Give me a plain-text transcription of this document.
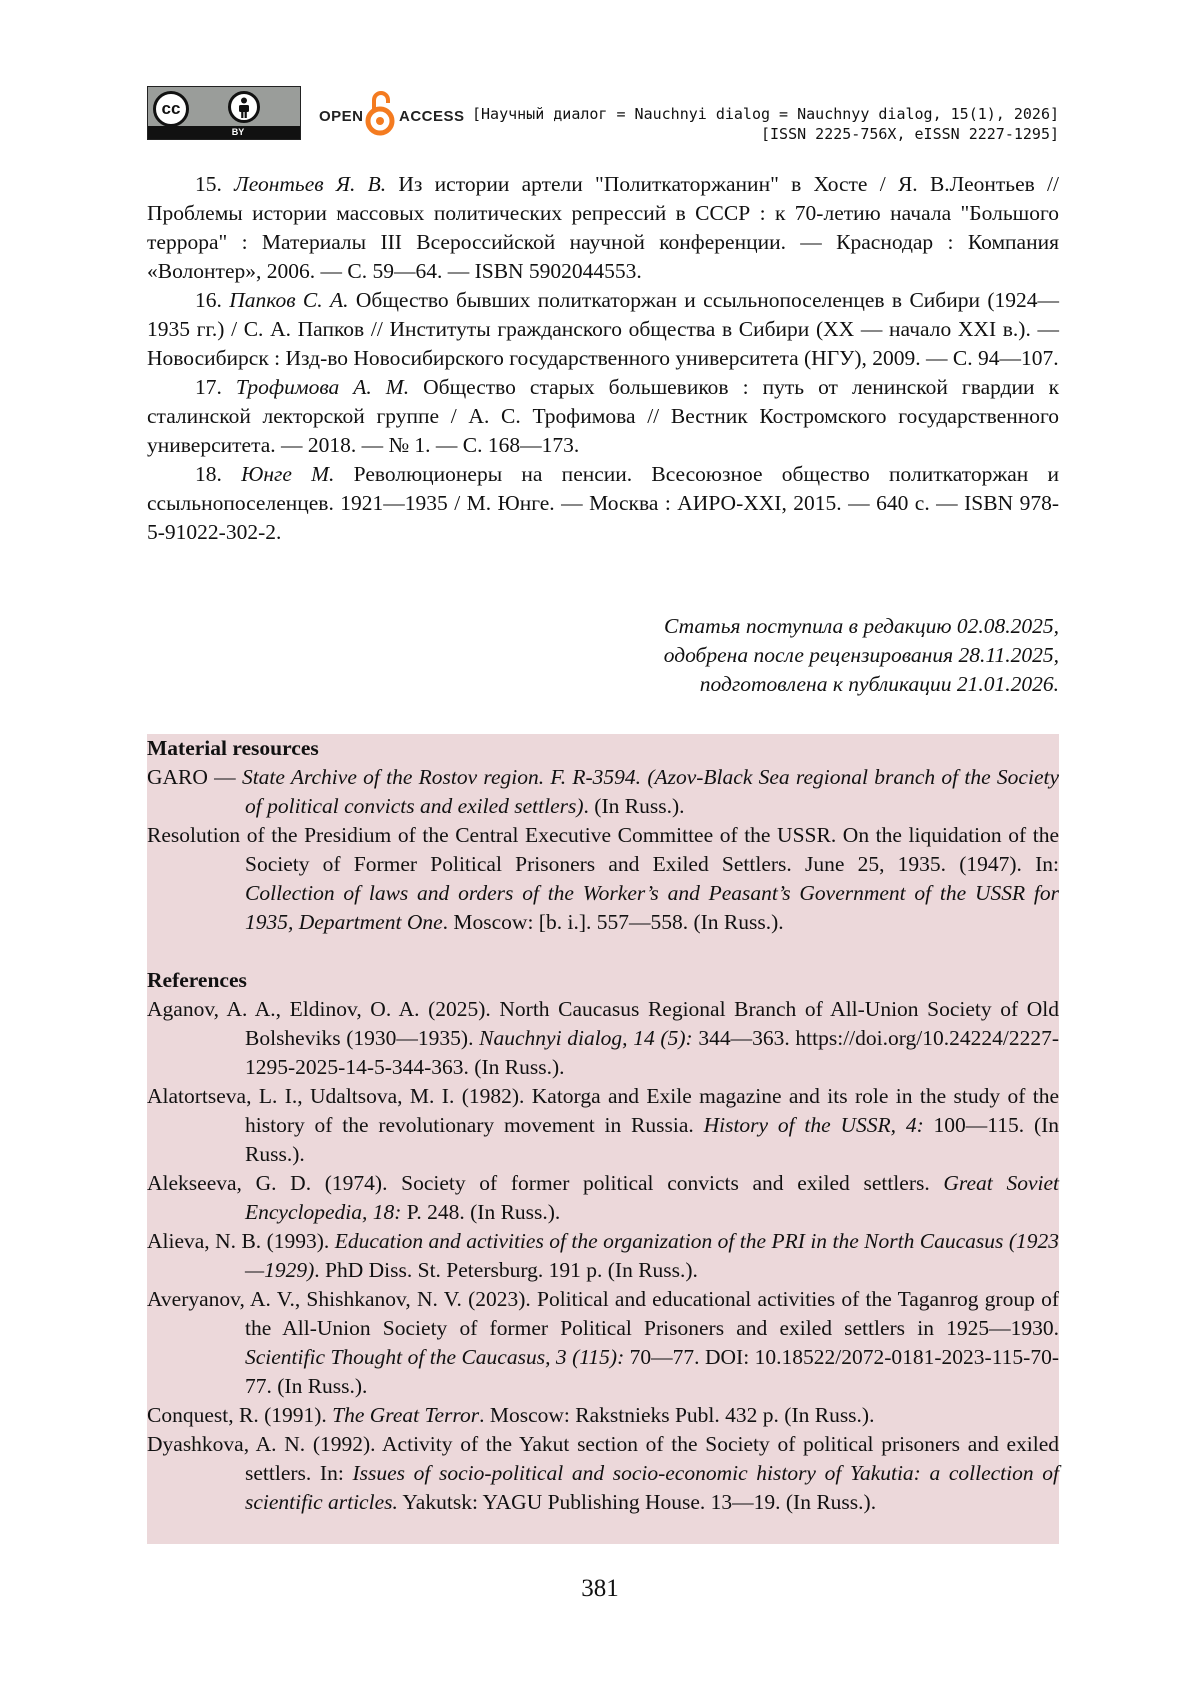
cc
BY
OPEN ACCESS [Научный диалог = Nauchnyi dialog = Nauchnyy dialog, 15(1), 2026]
[ISSN 2225-756X, eISSN 2227-1295]

15. Леонтьев Я. В. Из истории артели "Политкаторжанин" в Хосте / Я. В.Леонтьев // Проблемы истории массовых политических репрессий в СССР : к 70-летию начала "Большого террора" : Материалы III Всероссийской научной конференции. — Краснодар : Компания «Волонтер», 2006. — С. 59—64. — ISBN 5902044553.

16. Папков С. А. Общество бывших политкаторжан и ссыльнопоселенцев в Сибири (1924—1935 гг.) / С. А. Папков // Институты гражданского общества в Сибири (XX — начало XXI в.). — Новосибирск : Изд-во Новосибирского государственного университета (НГУ), 2009. — С. 94—107.

17. Трофимова А. М. Общество старых большевиков : путь от ленинской гвардии к сталинской лекторской группе / А. С. Трофимова // Вестник Костромского государственного университета. — 2018. — № 1. — С. 168—173.

18. Юнге М. Революционеры на пенсии. Всесоюзное общество политкаторжан и ссыльнопоселенцев. 1921—1935 / М. Юнге. — Москва : АИРО-XXI, 2015. — 640 с. — ISBN 978-5-91022-302-2.

Статья поступила в редакцию 02.08.2025,
одобрена после рецензирования 28.11.2025,
подготовлена к публикации 21.01.2026.

Material resources

GARO — State Archive of the Rostov region. F. R-3594. (Azov-Black Sea regional branch of the Society of political convicts and exiled settlers). (In Russ.).

Resolution of the Presidium of the Central Executive Committee of the USSR. On the liquidation of the Society of Former Political Prisoners and Exiled Settlers. June 25, 1935. (1947). In: Collection of laws and orders of the Worker’s and Peasant’s Government of the USSR for 1935, Department One. Moscow: [b. i.]. 557—558. (In Russ.).

References

Aganov, A. A., Eldinov, O. A. (2025). North Caucasus Regional Branch of All-Union Society of Old Bolsheviks (1930—1935). Nauchnyi dialog, 14 (5): 344—363. https://doi.org/10.24224/2227-1295-2025-14-5-344-363. (In Russ.).

Alatortseva, L. I., Udaltsova, M. I. (1982). Katorga and Exile magazine and its role in the study of the history of the revolutionary movement in Russia. History of the USSR, 4: 100—115. (In Russ.).

Alekseeva, G. D. (1974). Society of former political convicts and exiled settlers. Great Soviet Encyclopedia, 18: P. 248. (In Russ.).

Alieva, N. B. (1993). Education and activities of the organization of the PRI in the North Caucasus (1923—1929). PhD Diss. St. Petersburg. 191 p. (In Russ.).

Averyanov, A. V., Shishkanov, N. V. (2023). Political and educational activities of the Taganrog group of the All-Union Society of former Political Prisoners and exiled settlers in 1925—1930. Scientific Thought of the Caucasus, 3 (115): 70—77. DOI: 10.18522/2072-0181-2023-115-70-77. (In Russ.).

Conquest, R. (1991). The Great Terror. Moscow: Rakstnieks Publ. 432 p. (In Russ.).

Dyashkova, A. N. (1992). Activity of the Yakut section of the Society of political prisoners and exiled settlers. In: Issues of socio-political and socio-economic history of Yakutia: a collection of scientific articles. Yakutsk: YAGU Publishing House. 13—19. (In Russ.).

381
